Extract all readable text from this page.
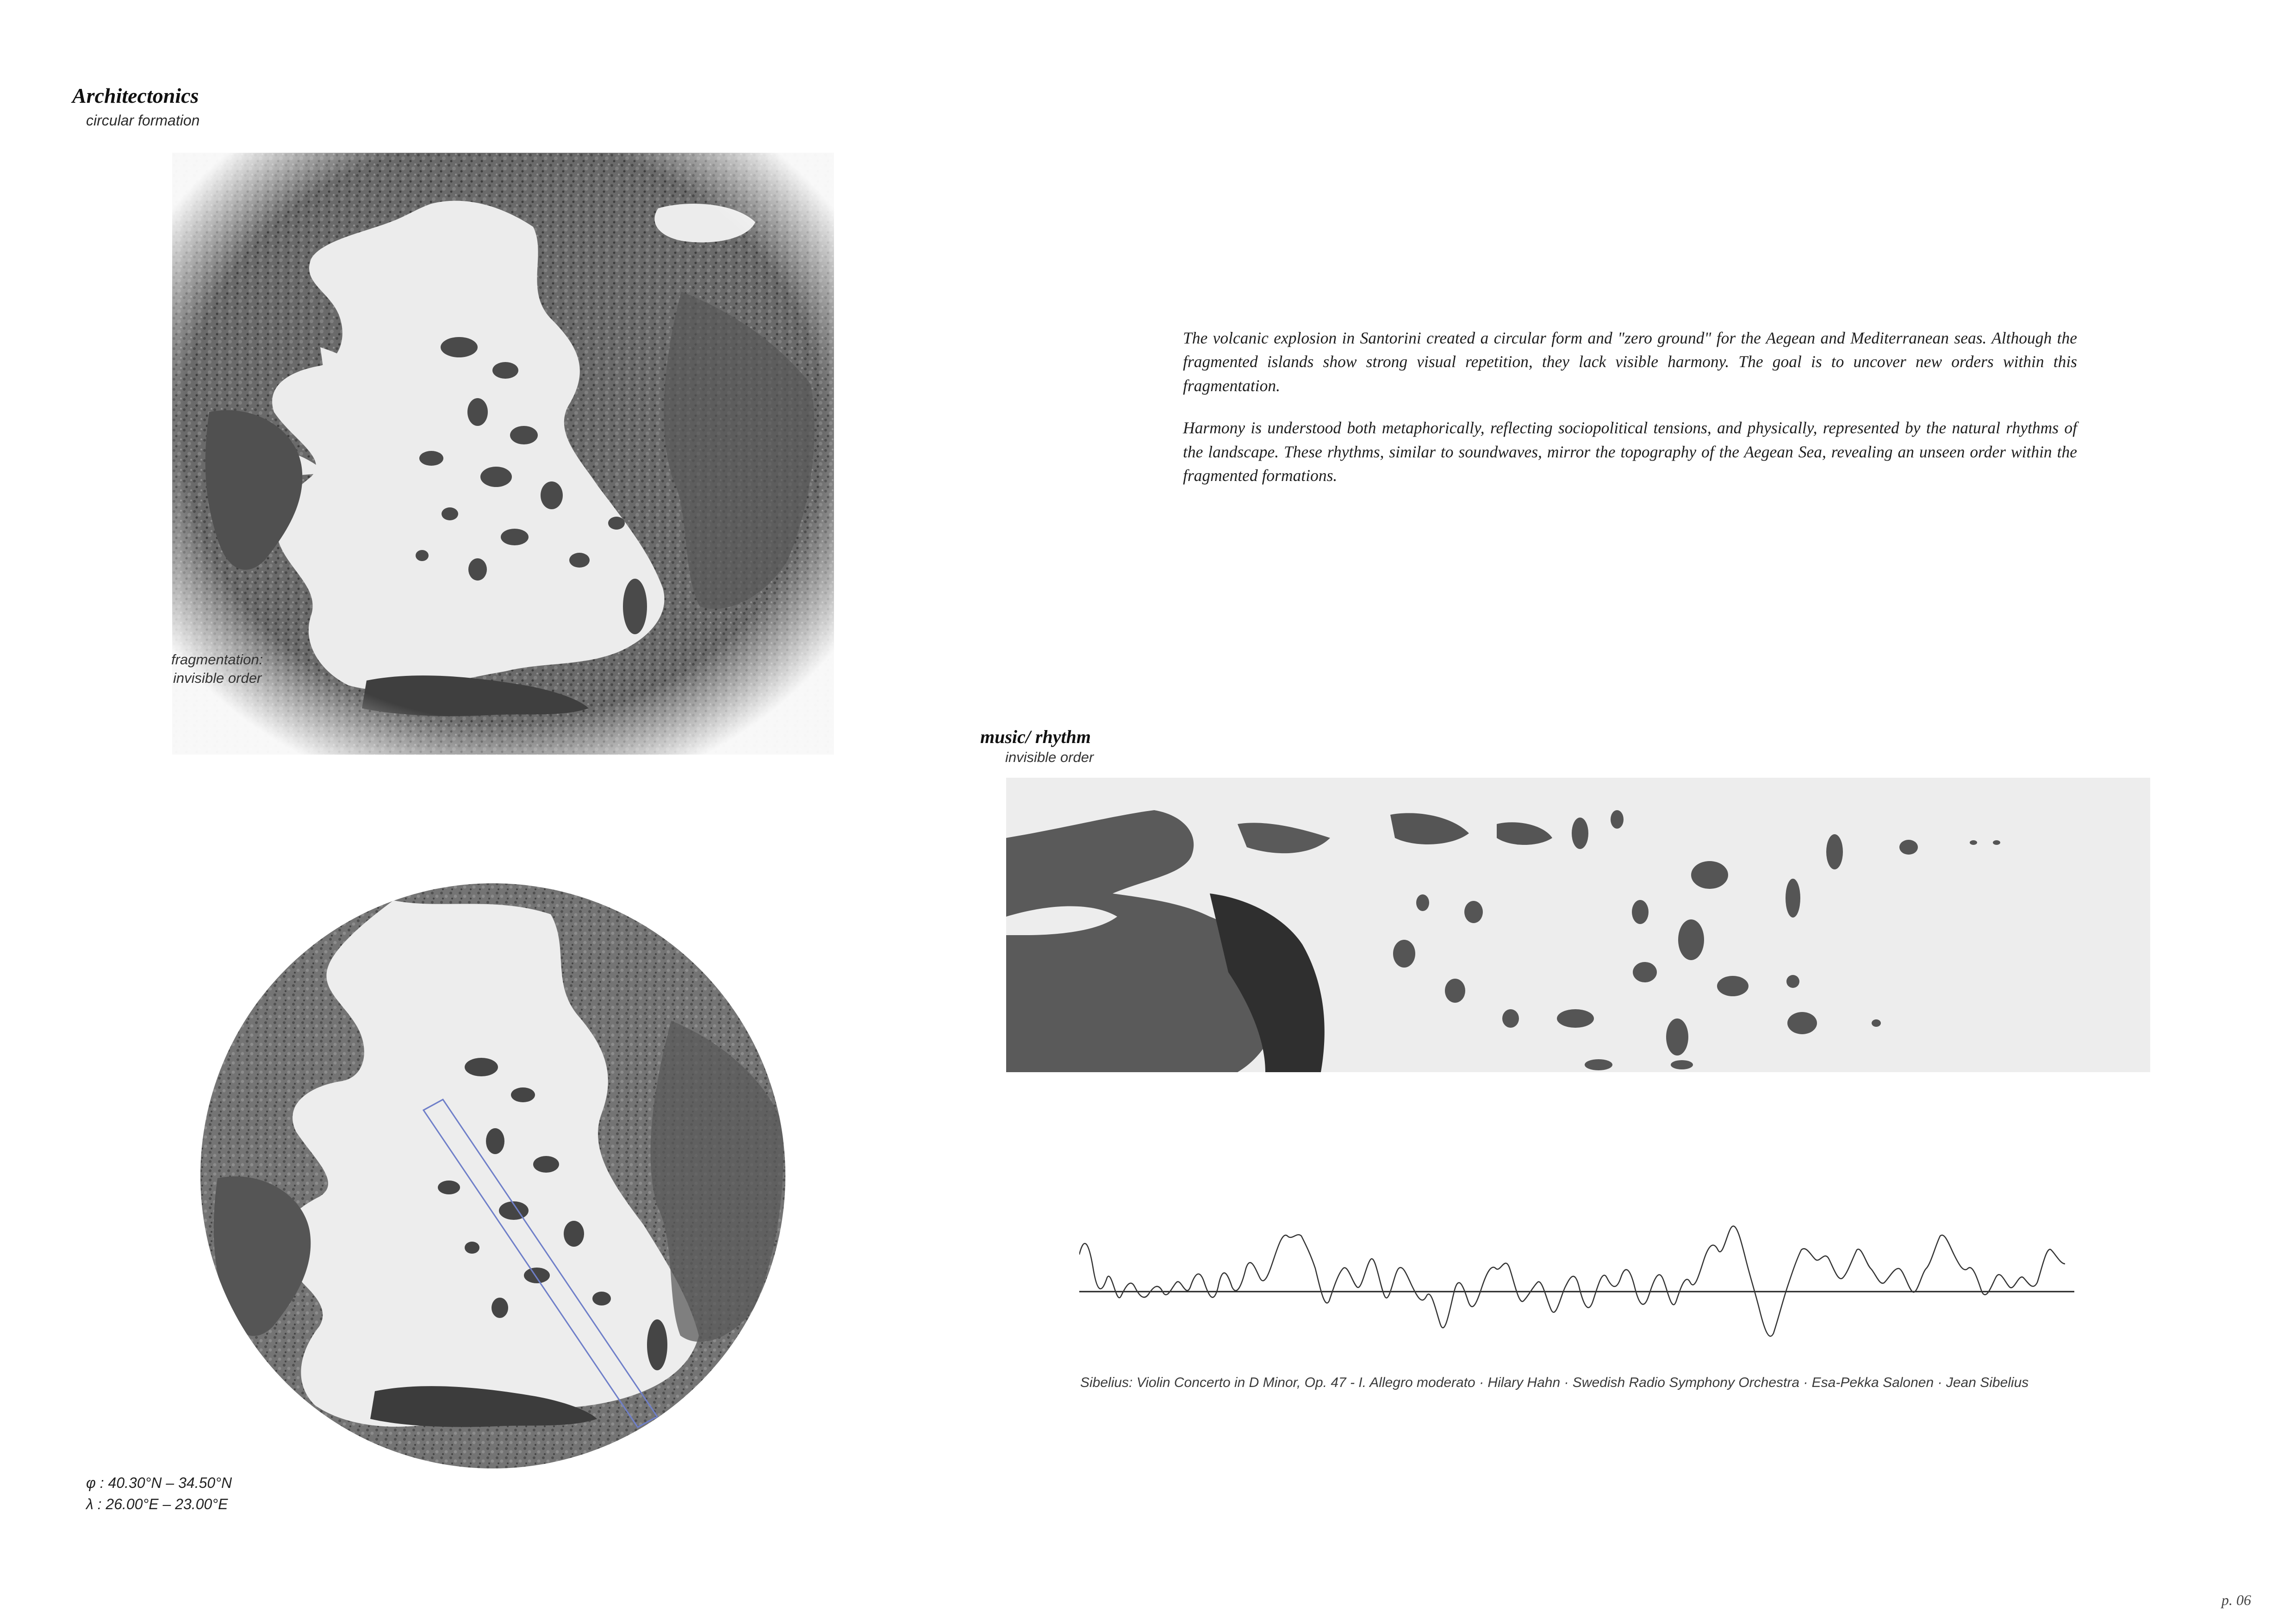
Architectonics
circular formation
fragmentation:
invisible order

The volcanic explosion in Santorini created a circular form and "zero ground" for the Aegean and Mediterranean seas. Although the fragmented islands show strong visual repetition, they lack visible harmony. The goal is to uncover new orders within this fragmentation.

Harmony is understood both metaphorically, reflecting sociopolitical tensions, and physically, represented by the natural rhythms of the landscape. These rhythms, similar to soundwaves, mirror the topography of the Aegean Sea, revealing an unseen order within the fragmented formations.

φ : 40.30°N – 34.50°N
λ : 26.00°E – 23.00°E
music/ rhythm
invisible order
Sibelius: Violin Concerto in D Minor, Op. 47 - I. Allegro moderato · Hilary Hahn · Swedish Radio Symphony Orchestra · Esa-Pekka Salonen · Jean Sibelius
p. 06
